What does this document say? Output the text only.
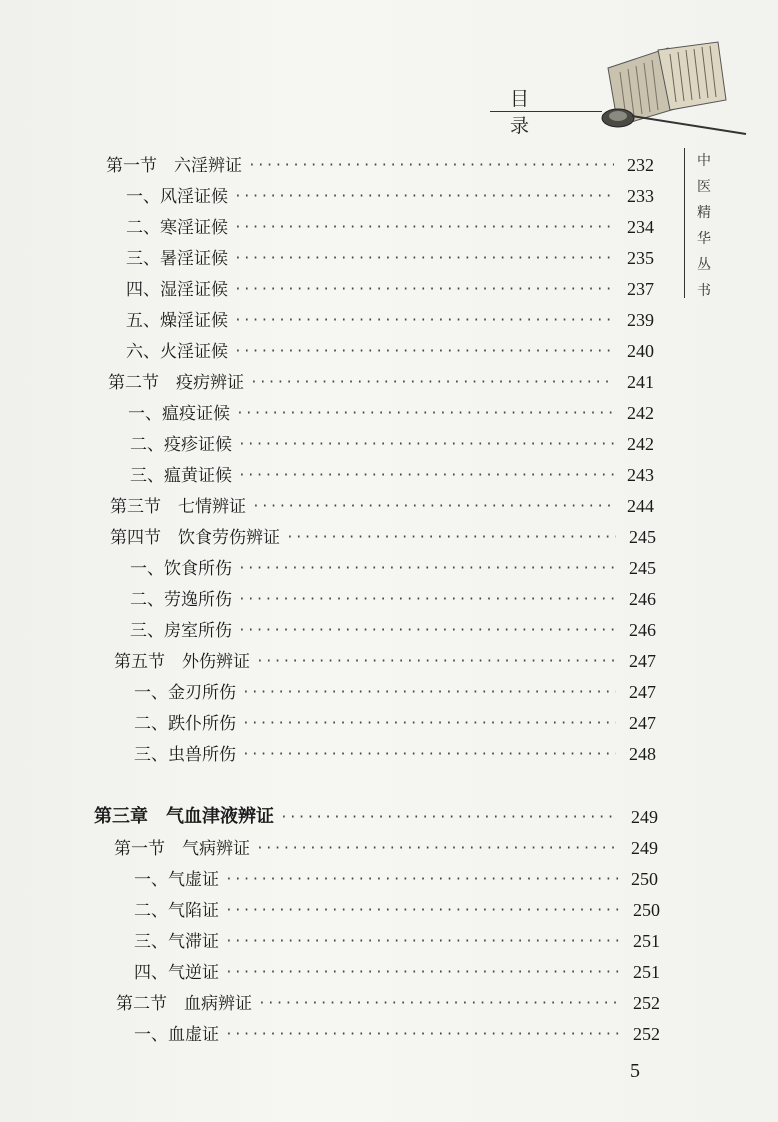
目 录
中
医
精
华
丛
书
第一节　六淫辨证 ·····	232
一、风淫证候 ·····	233
二、寒淫证候 ·····	234
三、暑淫证候 ·····	235
四、湿淫证候 ·····	237
五、燥淫证候 ·····	239
六、火淫证候 ·····	240
第二节　疫疠辨证 ·····	241
一、瘟疫证候 ·····	242
二、疫疹证候 ·····	242
三、瘟黄证候 ·····	243
第三节　七情辨证 ·····	244
第四节　饮食劳伤辨证 ·····	245
一、饮食所伤 ·····	245
二、劳逸所伤 ·····	246
三、房室所伤 ·····	246
第五节　外伤辨证 ·····	247
一、金刃所伤 ·····	247
二、跌仆所伤 ·····	247
三、虫兽所伤 ·····	248
第三章　气血津液辨证 ·····	249
第一节　气病辨证 ·····	249
一、气虚证 ·····	250
二、气陷证 ·····	250
三、气滞证 ·····	251
四、气逆证 ·····	251
第二节　血病辨证 ·····	252
一、血虚证 ·····	252
5
